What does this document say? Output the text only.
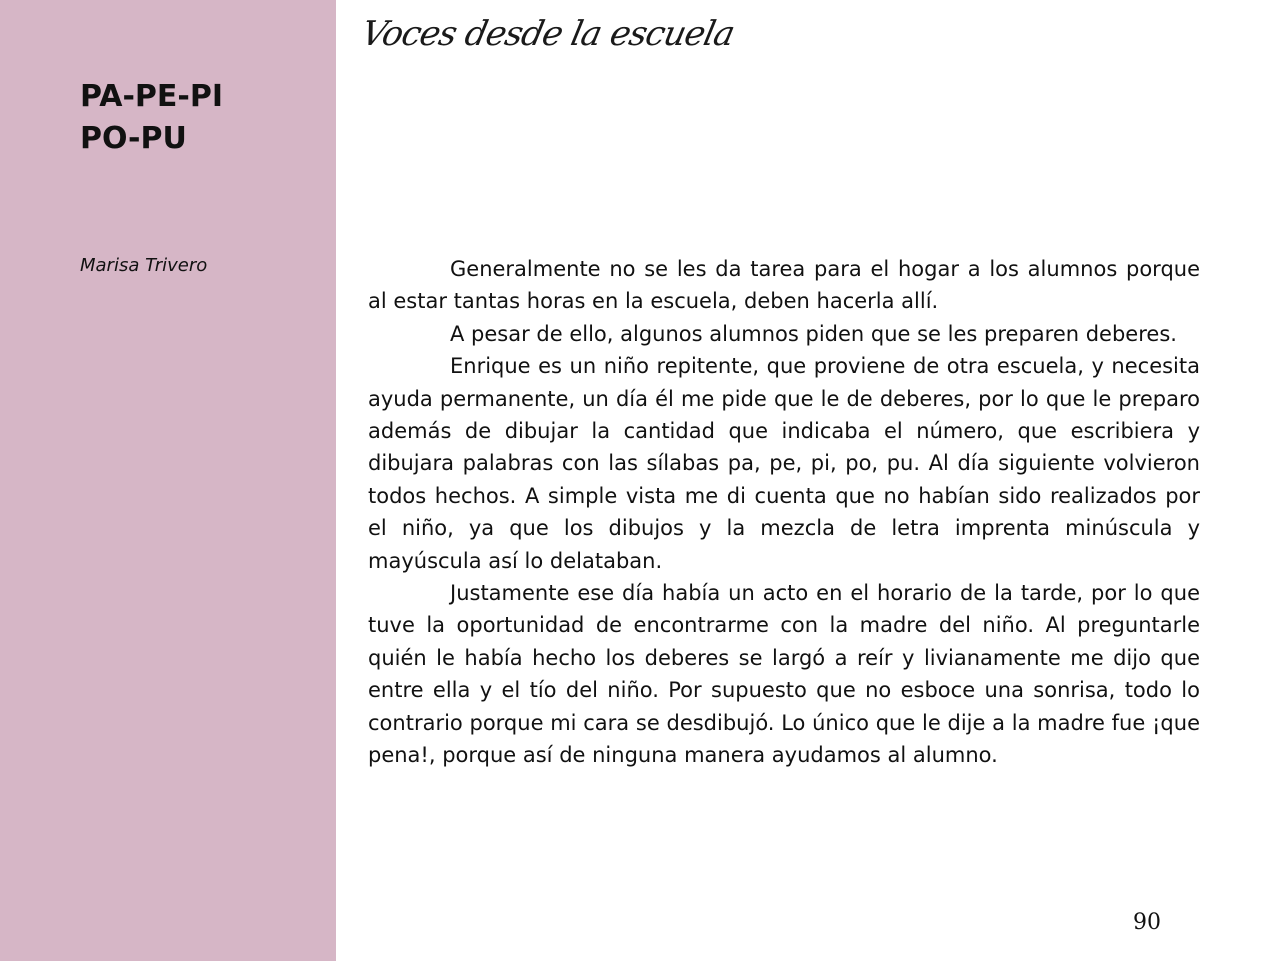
PA-PE-PI
PO-PU
Marisa Trivero
Voces desde la escuela

Generalmente no se les da tarea para el hogar a los alumnos porque al estar tantas horas en la escuela, deben hacerla allí.

A pesar de ello, algunos alumnos piden que se les preparen deberes.

Enrique es un niño repitente, que proviene de otra escuela, y necesita ayuda permanente, un día él me pide que le de deberes, por lo que le preparo además de dibujar la cantidad que indicaba el número, que escribiera y dibujara palabras con las sílabas pa, pe, pi, po, pu. Al día siguiente volvieron todos hechos. A simple vista me di cuenta que no habían sido realizados por el niño, ya que los dibujos y la mezcla de letra imprenta minúscula y mayúscula así lo delataban.

Justamente ese día había un acto en el horario de la tarde, por lo que tuve la oportunidad de encontrarme con la madre del niño. Al preguntarle quién le había hecho los deberes se largó a reír y livianamente me dijo que entre ella y el tío del niño. Por supuesto que no esboce una sonrisa, todo lo contrario porque mi cara se desdibujó. Lo único que le dije a la madre fue ¡que pena!, porque así de ninguna manera ayudamos al alumno.

90
